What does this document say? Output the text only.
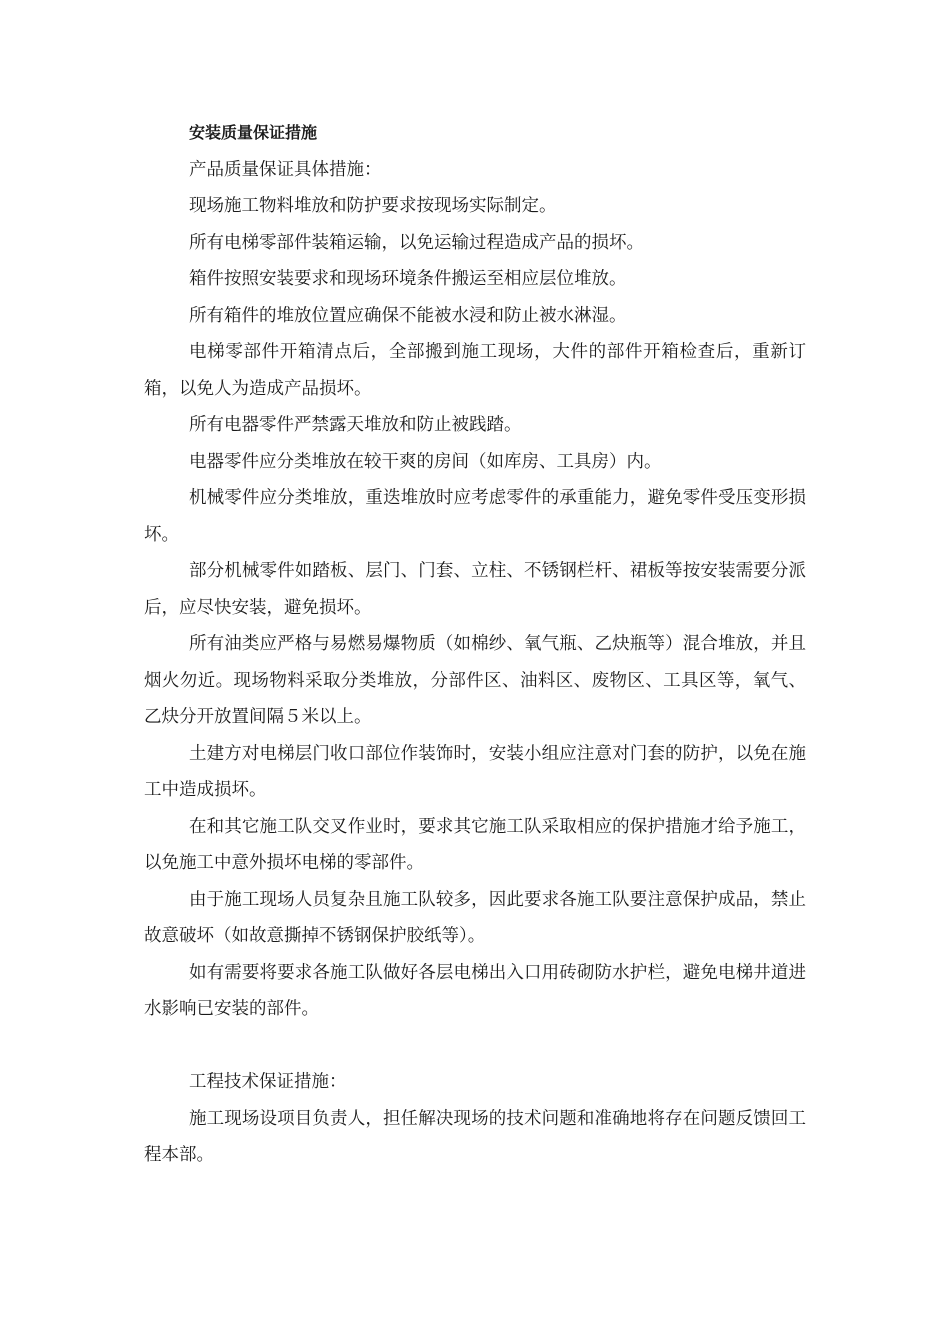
安装质量保证措施

产品质量保证具体措施：

现场施工物料堆放和防护要求按现场实际制定。

所有电梯零部件装箱运输，以免运输过程造成产品的损坏。

箱件按照安装要求和现场环境条件搬运至相应层位堆放。

所有箱件的堆放位置应确保不能被水浸和防止被水淋湿。

电梯零部件开箱清点后，全部搬到施工现场，大件的部件开箱检查后，重新订箱，以免人为造成产品损坏。

所有电器零件严禁露天堆放和防止被践踏。

电器零件应分类堆放在较干爽的房间（如库房、工具房）内。

机械零件应分类堆放，重迭堆放时应考虑零件的承重能力，避免零件受压变形损坏。

部分机械零件如踏板、层门、门套、立柱、不锈钢栏杆、裙板等按安装需要分派后，应尽快安装，避免损坏。

所有油类应严格与易燃易爆物质（如棉纱、氧气瓶、乙炔瓶等）混合堆放，并且烟火勿近。现场物料采取分类堆放，分部件区、油料区、废物区、工具区等，氧气、乙炔分开放置间隔５米以上。

土建方对电梯层门收口部位作装饰时，安装小组应注意对门套的防护，以免在施工中造成损坏。

在和其它施工队交叉作业时，要求其它施工队采取相应的保护措施才给予施工，以免施工中意外损坏电梯的零部件。

由于施工现场人员复杂且施工队较多，因此要求各施工队要注意保护成品，禁止故意破坏（如故意撕掉不锈钢保护胶纸等）。

如有需要将要求各施工队做好各层电梯出入口用砖砌防水护栏，避免电梯井道进水影响已安装的部件。

工程技术保证措施：

施工现场设项目负责人，担任解决现场的技术问题和准确地将存在问题反馈回工程本部。
